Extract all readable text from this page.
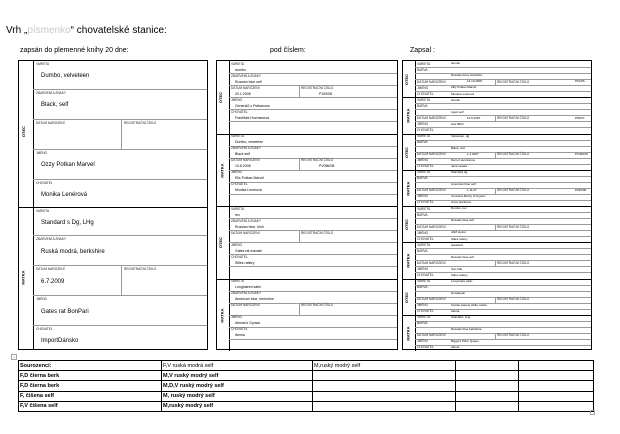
Vrh „písmenko“ chovatelské stanice:
zapsán do plemenné knihy 20 dne:	pod číslem:	Zapsal :
OTEC
MATKA
VARIETA
Dumbo, velveteen
ZBARVENÍ A ZNAKY
Black, self
DATUM NAROZENÍ	REGISTRAČNÍ ČÍSLO
JMÉNO
Ozzy Potkan Marvel
CHOVATEL
Monika Lenérová
VARIETA
Standard s Dg, LHg
ZBARVENÍ A ZNAKY
Ruská modrá, berkshire
DATUM NAROZENÍ	REGISTRAČNÍ ČÍSLO
6.7.2009
JMÉNO
Gates rat BonPari
CHOVATEL
ImportDánsko
OTEC
VARIETA
dumbo
ZBARVENÍ A ZNAKY
Russian blue self
DATUM NAROZENÍ	REGISTRAČNÍ ČÍSLO
20.1.2008	P109/08
JMÉNO
Generál2 z Potkanova
CHOVATEL
František Hozmanová
MATKA
VARIETA
Dumbo, velveteen
ZBARVENÍ A ZNAKY
Black self
DATUM NAROZENÍ	REGISTRAČNÍ ČÍSLO
10.6.2008	PV086/08
JMÉNO
Elis Potkan Marvel
CHOVATEL
Monika Lenérová
OTEC
VARIETA
rex
ZBARVENÍ A ZNAKY
Russian blue, Irish
DATUM NAROZENÍ	REGISTRAČNÍ ČÍSLO
JMÉNO
Gates rat maxakt
CHOVATEL
Stiles rattery
MATKA
VARIETA
Longhaired satin
ZBARVENÍ A ZNAKY
American blue, berkshire
DATUM NAROZENÍ	REGISTRAČNÍ ČÍSLO
JMÉNO
Alenas's Gyosai
CHOVATEL
Alenia
OTEC
VARIETA	dumbo
BARVA
Russian dove berkshire
DATUM NAROZENÍ	REGISTRAČNÍ ČÍSLO
14.10.2006	P10/06
JMÉNO	Zilly Potkan Marvel
CHOVATEL	Monika Lenérová
MATKA
VARIETA	dumbo
BARVA
Agutí self
DATUM NAROZENÍ	REGISTRAČNÍ ČÍSLO
10.6.2007	P50/07
JMÉNO	Zoe RDG
CHOVATEL
OTEC
VARIETA	Velveteen, dg
BARVA
Black, self
DATUM NAROZENÍ	REGISTRAČNÍ ČÍSLO
1.1.2007	PV460/07
JMÉNO	Dart of eurotrance
CHOVATEL	Jana vesela
MATKA
VARIETA	Standard dg
BARVA
American blue self
DATUM NAROZENÍ	REGISTRAČNÍ ČÍSLO
1.11.07	P230/06
JMÉNO	Cerevina Monty of Gyelov
CHOVATEL	Anna Horštová
OTEC
VARIETA	Dumbo, rex
BARVA
Russian blue self
DATUM NAROZENÍ	REGISTRAČNÍ ČÍSLO
JMÉNO	JAM Lipton
CHOVATEL	Stiles rattery
MATKA
VARIETA	standard
BARVA
Russian blue self
DATUM NAROZENÍ	REGISTRAČNÍ ČÍSLO
JMÉNO	Sun Flat
CHOVATEL	Stiles rattery
OTEC
VARIETA	Long haire satin
BARVA
Himalayan
DATUM NAROZENÍ	REGISTRAČNÍ ČÍSLO
JMÉNO	Carras sweety white russie
CHOVATEL	Alenia
MATKA
VARIETA	Standard, LHg
BARVA
Russian blue berkshire
DATUM NAROZENÍ	REGISTRAČNÍ ČÍSLO
JMÉNO	Biggers Pitter Queen
CHOVATEL	Alenia
+
Sourozenci:	F,V ruská modrá self	M,ruský modrý self		
F,D čierna berk	M,V ruský modrý self			
F,D čierna berk	M,D,V ruský modrý self			
F, čišena self	M, ruský modrý self			
F,V čišena self	M,ruský modrý self			
